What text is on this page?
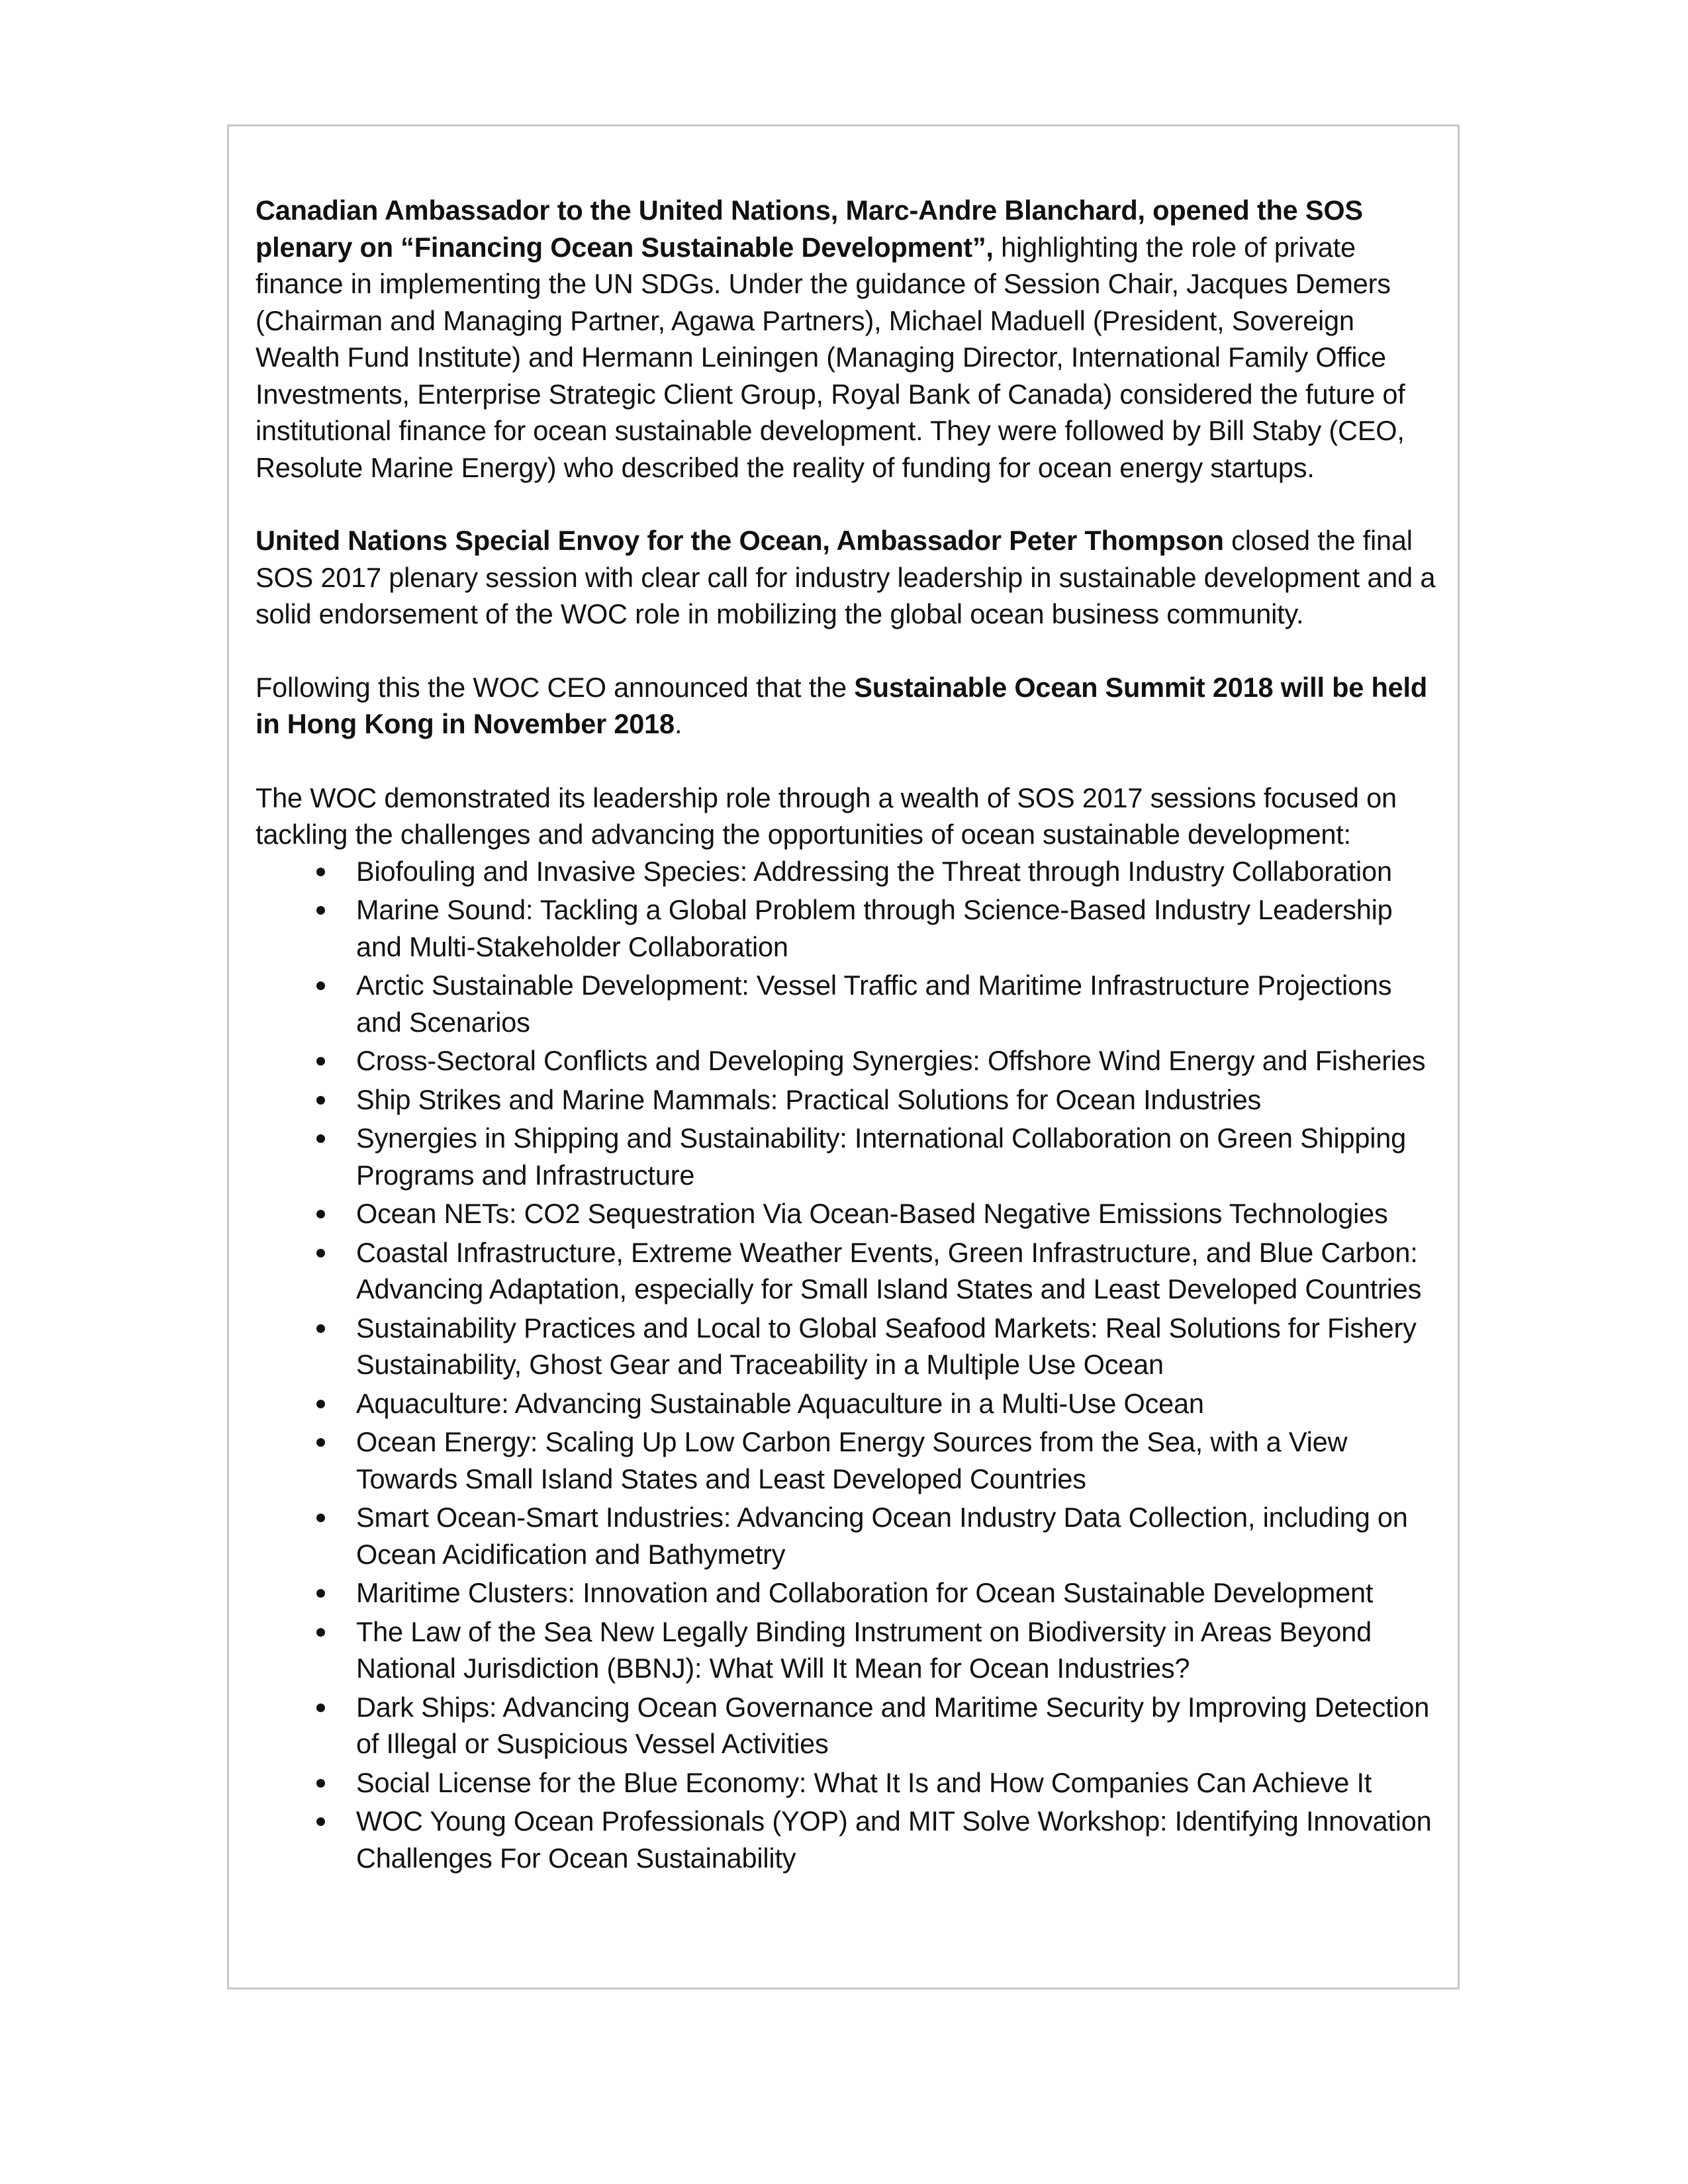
Canadian Ambassador to the United Nations, Marc-Andre Blanchard, opened the SOS plenary on “Financing Ocean Sustainable Development”, highlighting the role of private finance in implementing the UN SDGs. Under the guidance of Session Chair, Jacques Demers (Chairman and Managing Partner, Agawa Partners), Michael Maduell (President, Sovereign Wealth Fund Institute) and Hermann Leiningen (Managing Director, International Family Office Investments, Enterprise Strategic Client Group, Royal Bank of Canada) considered the future of institutional finance for ocean sustainable development. They were followed by Bill Staby (CEO, Resolute Marine Energy) who described the reality of funding for ocean energy startups.

United Nations Special Envoy for the Ocean, Ambassador Peter Thompson closed the final SOS 2017 plenary session with clear call for industry leadership in sustainable development and a solid endorsement of the WOC role in mobilizing the global ocean business community.

Following this the WOC CEO announced that the Sustainable Ocean Summit 2018 will be held in Hong Kong in November 2018.

The WOC demonstrated its leadership role through a wealth of SOS 2017 sessions focused on tackling the challenges and advancing the opportunities of ocean sustainable development:

Biofouling and Invasive Species: Addressing the Threat through Industry Collaboration
Marine Sound: Tackling a Global Problem through Science-Based Industry Leadership and Multi-Stakeholder Collaboration
Arctic Sustainable Development: Vessel Traffic and Maritime Infrastructure Projections and Scenarios
Cross-Sectoral Conflicts and Developing Synergies: Offshore Wind Energy and Fisheries
Ship Strikes and Marine Mammals: Practical Solutions for Ocean Industries
Synergies in Shipping and Sustainability: International Collaboration on Green Shipping Programs and Infrastructure
Ocean NETs: CO2 Sequestration Via Ocean-Based Negative Emissions Technologies
Coastal Infrastructure, Extreme Weather Events, Green Infrastructure, and Blue Carbon: Advancing Adaptation, especially for Small Island States and Least Developed Countries
Sustainability Practices and Local to Global Seafood Markets: Real Solutions for Fishery Sustainability, Ghost Gear and Traceability in a Multiple Use Ocean
Aquaculture: Advancing Sustainable Aquaculture in a Multi-Use Ocean
Ocean Energy: Scaling Up Low Carbon Energy Sources from the Sea, with a View Towards Small Island States and Least Developed Countries
Smart Ocean-Smart Industries: Advancing Ocean Industry Data Collection, including on Ocean Acidification and Bathymetry
Maritime Clusters: Innovation and Collaboration for Ocean Sustainable Development
The Law of the Sea New Legally Binding Instrument on Biodiversity in Areas Beyond National Jurisdiction (BBNJ): What Will It Mean for Ocean Industries?
Dark Ships: Advancing Ocean Governance and Maritime Security by Improving Detection of Illegal or Suspicious Vessel Activities
Social License for the Blue Economy: What It Is and How Companies Can Achieve It
WOC Young Ocean Professionals (YOP) and MIT Solve Workshop: Identifying Innovation Challenges For Ocean Sustainability
